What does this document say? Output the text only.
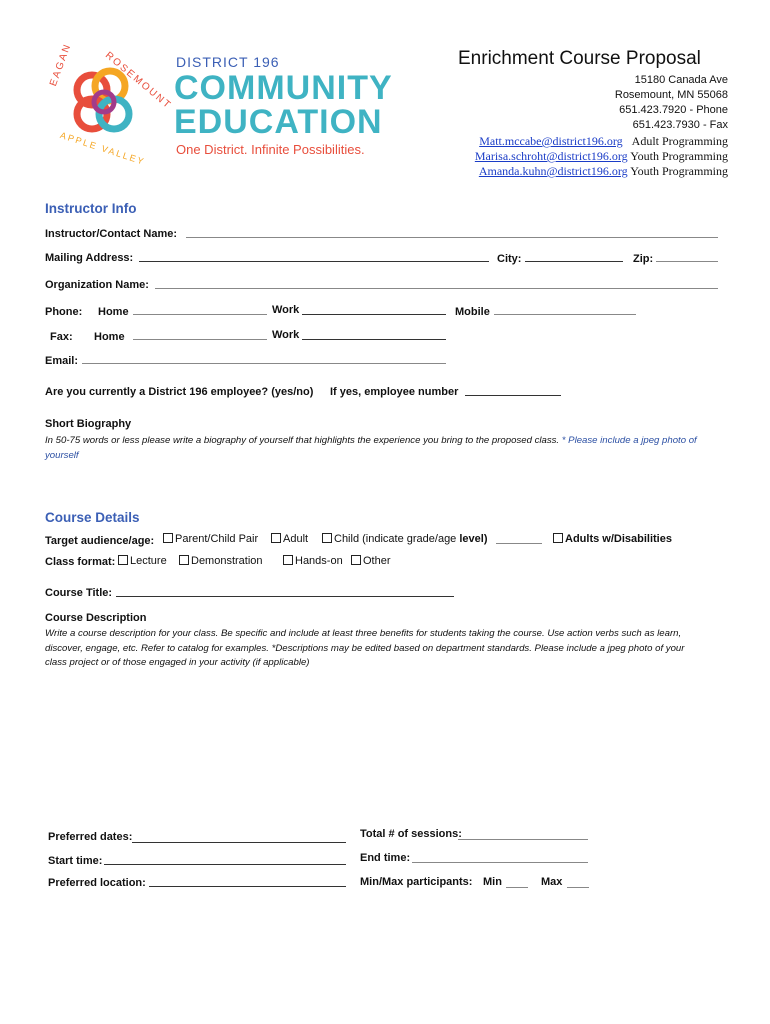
EAGAN	ROSEMOUNT
APPLE VALLEY
DISTRICT 196
COMMUNITY
EDUCATION
One District. Infinite Possibilities.
Enrichment Course Proposal
15180 Canada Ave
Rosemount, MN 55068
651.423.7920 - Phone
651.423.7930 - Fax
Matt.mccabe@district196.org Adult Programming
Marisa.schroht@district196.org Youth Programming
Amanda.kuhn@district196.org Youth Programming
Instructor Info
Instructor/Contact Name:
Mailing Address:	City:	Zip:
Organization Name:
Phone: Home	Work	Mobile
Fax: Home	Work
Email:
Are you currently a District 196 employee? (yes/no) If yes, employee number
Short Biography
In 50-75 words or less please write a biography of yourself that highlights the experience you bring to the proposed class. * Please include a jpeg photo of yourself
Course Details
Target audience/age:	Parent/Child Pair	Adult	Child (indicate grade/age level)	Adults w/Disabilities
Class format:	Lecture	Demonstration	Hands-on	Other
Course Title:
Course Description
Write a course description for your class. Be specific and include at least three benefits for students taking the course. Use action verbs such as learn, discover, engage, etc. Refer to catalog for examples. *Descriptions may be edited based on department standards. Please include a jpeg photo of your class project or of those engaged in your activity (if applicable)
Preferred dates:
Start time:
Preferred location:
Total # of sessions:
End time:
Min/Max participants: Min	Max
